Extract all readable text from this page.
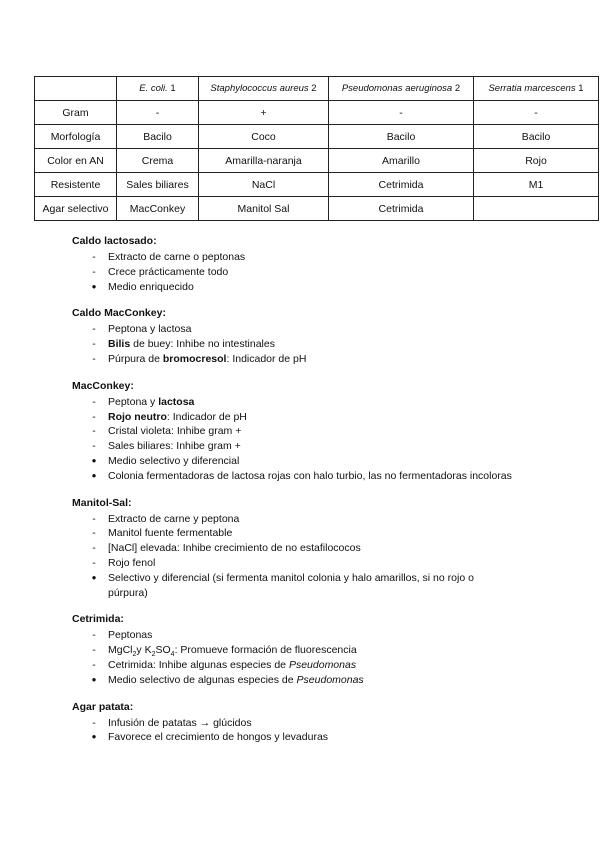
	E. coli. 1	Staphylococcus aureus 2	Pseudomonas aeruginosa 2	Serratia marcescens 1
Gram	-	+	-	-
Morfología	Bacilo	Coco	Bacilo	Bacilo
Color en AN	Crema	Amarilla-naranja	Amarillo	Rojo
Resistente	Sales biliares	NaCl	Cetrimida	M1
Agar selectivo	MacConkey	Manitol Sal	Cetrimida	
Caldo lactosado:
-	Extracto de carne o peptonas
-	Crece prácticamente todo
●	Medio enriquecido
Caldo MacConkey:
-	Peptona y lactosa
-	Bilis de buey: Inhibe no intestinales
-	Púrpura de bromocresol: Indicador de pH
MacConkey:
-	Peptona y lactosa
-	Rojo neutro: Indicador de pH
-	Cristal violeta: Inhibe gram +
-	Sales biliares: Inhibe gram +
●	Medio selectivo y diferencial
●	Colonia fermentadoras de lactosa rojas con halo turbio, las no fermentadoras incoloras
Manitol-Sal:
-	Extracto de carne y peptona
-	Manitol fuente fermentable
-	[NaCl] elevada: Inhibe crecimiento de no estafilococos
-	Rojo fenol
●	Selectivo y diferencial (si fermenta manitol colonia y halo amarillos, si no rojo o púrpura)
Cetrimida:
-	Peptonas
-	MgCl$_2$y $K_2SO_4$: Promueve formación de fluorescencia
-	Cetrimida: Inhibe algunas especies de Pseudomonas
●	Medio selectivo de algunas especies de Pseudomonas
Agar patata:
-	Infusión de patatas → glúcidos
●	Favorece el crecimiento de hongos y levaduras
